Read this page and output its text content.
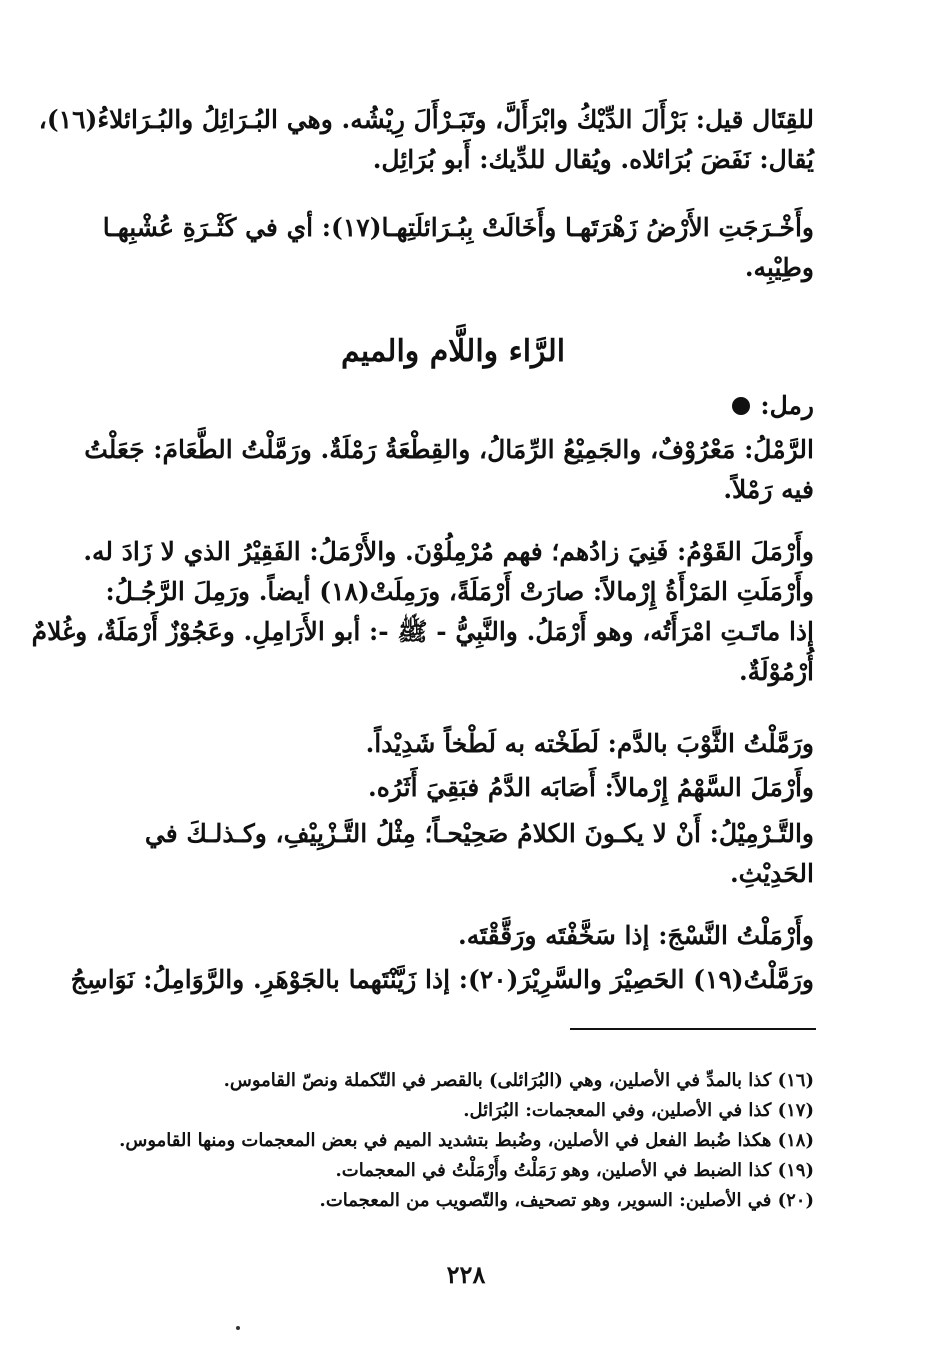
للقِتَال قيل: بَرْأَلَ الدِّيْكُ وابْرَأَلَّ، وتَبَـرْأَلَ رِيْشُه. وهي البُـرَائِلُ والبُـرَائلاءُ(١٦)،
يُقال: نَفَضَ بُرَائلاه. ويُقال للدِّيك: أَبو بُرَائِل.
وأَخْـرَجَتِ الأَرْضُ زَهْرَتَهـا وأَخَالَتْ بِبُـرَائلَتِهـا(١٧): أي في كَثْـرَةِ عُشْبِهـا
وطِيْبِه.
الرَّاء واللَّام والميم
رمل:
الرَّمْلُ: مَعْرُوْفٌ، والجَمِيْعُ الرِّمَالُ، والقِطْعَةُ رَمْلَةٌ. ورَمَّلْتُ الطَّعَامَ: جَعَلْتُ
فيه رَمْلاً.
وأَرْمَلَ القَوْمُ: فَنِيَ زادُهم؛ فهم مُرْمِلُوْنَ. والأَرْمَلُ: الفَقِيْرُ الذي لا زَادَ له.
وأَرْمَلَتِ المَرْأَةُ إِرْمالاً: صارَتْ أَرْمَلَةً، ورَمِلَتْ(١٨) أيضاً. ورَمِلَ الرَّجُـلُ:
إذا ماتَـتِ امْرَأَتُه، وهو أَرْمَلُ. والنَّبِيُّ - ﷺ -: أبو الأَرَامِلِ. وعَجُوْزٌ أَرْمَلَةٌ، وغُلامٌ
أُرْمُوْلَةٌ.
ورَمَّلْتُ الثَّوْبَ بالدَّم: لَطَخْته به لَطْخاً شَدِيْداً.
وأَرْمَلَ السَّهْمُ إِرْمالاً: أَصَابَه الدَّمُ فبَقِيَ أَثَرُه.
والتَّـرْمِيْلُ: أَنْ لا يكـونَ الكلامُ صَحِيْحـاً؛ مِثْلُ التَّـزْيِيْفِ، وكـذلـكَ في
الحَدِيْثِ.
وأَرْمَلْتُ النَّسْجَ: إذا سَخَّفْتَه ورَقَّقْتَه.
ورَمَّلْتُ(١٩) الحَصِيْرَ والسَّرِيْرَ(٢٠): إذا زَيَّنْتَهما بالجَوْهَرِ. والرَّوَامِلُ: نَوَاسِجُ
(١٦) كذا بالمدِّ في الأصلين، وهي (البُرَائلى) بالقصر في التّكملة ونصّ القاموس.
(١٧) كذا في الأصلين، وفي المعجمات: البُرَائل.
(١٨) هكذا ضُبط الفعل في الأصلين، وضُبط بتشديد الميم في بعض المعجمات ومنها القاموس.
(١٩) كذا الضبط في الأصلين، وهو رَمَلْتُ وأَرْمَلْتُ في المعجمات.
(٢٠) في الأصلين: السوير، وهو تصحيف، والتّصويب من المعجمات.
٢٢٨
